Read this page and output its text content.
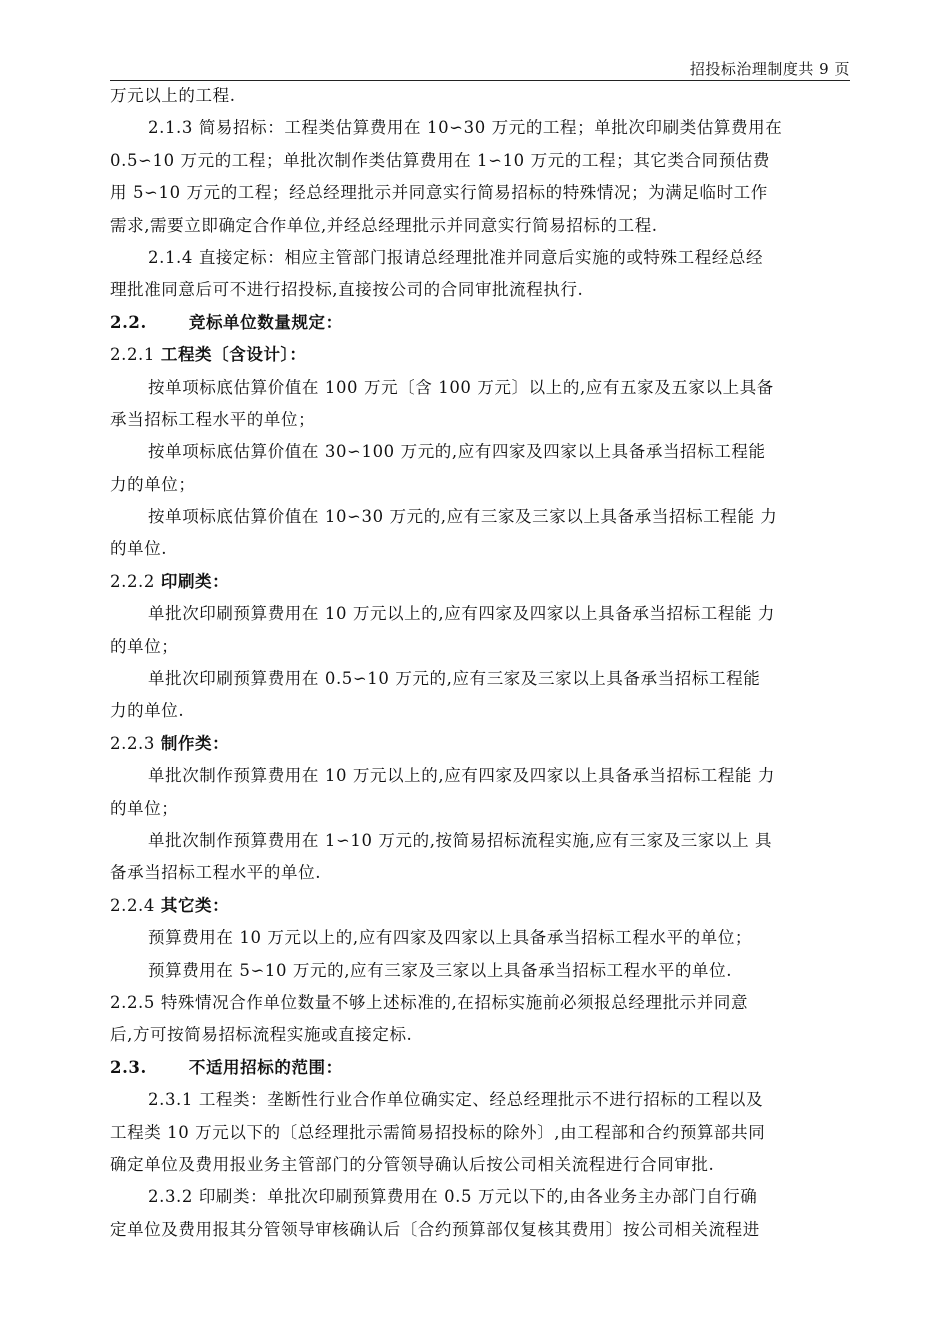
招投标治理制度共 9 页
万元以上的工程.
2.1.3 简易招标：工程类估算费用在 10∽30 万元的工程；单批次印刷类估算费用在
0.5∽10 万元的工程；单批次制作类估算费用在 1∽10 万元的工程；其它类合同预估费
用 5∽10 万元的工程；经总经理批示并同意实行简易招标的特殊情况；为满足临时工作
需求,需要立即确定合作单位,并经总经理批示并同意实行简易招标的工程.
2.1.4 直接定标：相应主管部门报请总经理批准并同意后实施的或特殊工程经总经
理批准同意后可不进行招投标,直接按公司的合同审批流程执行.
2.2.	竞标单位数量规定：
2.2.1 工程类〔含设计〕：
按单项标底估算价值在 100 万元〔含 100 万元〕以上的,应有五家及五家以上具备
承当招标工程水平的单位；
按单项标底估算价值在 30∽100 万元的,应有四家及四家以上具备承当招标工程能
力的单位；
按单项标底估算价值在 10∽30 万元的,应有三家及三家以上具备承当招标工程能 力
的单位.
2.2.2 印刷类：
单批次印刷预算费用在 10 万元以上的,应有四家及四家以上具备承当招标工程能 力
的单位；
单批次印刷预算费用在 0.5∽10 万元的,应有三家及三家以上具备承当招标工程能
力的单位.
2.2.3 制作类：
单批次制作预算费用在 10 万元以上的,应有四家及四家以上具备承当招标工程能 力
的单位；
单批次制作预算费用在 1∽10 万元的,按简易招标流程实施,应有三家及三家以上 具
备承当招标工程水平的单位.
2.2.4 其它类：
预算费用在 10 万元以上的,应有四家及四家以上具备承当招标工程水平的单位；
预算费用在 5∽10 万元的,应有三家及三家以上具备承当招标工程水平的单位.
2.2.5 特殊情况合作单位数量不够上述标准的,在招标实施前必须报总经理批示并同意
后,方可按简易招标流程实施或直接定标.
2.3.	不适用招标的范围：
2.3.1 工程类：垄断性行业合作单位确实定、经总经理批示不进行招标的工程以及
工程类 10 万元以下的〔总经理批示需简易招投标的除外〕,由工程部和合约预算部共同
确定单位及费用报业务主管部门的分管领导确认后按公司相关流程进行合同审批.
2.3.2 印刷类：单批次印刷预算费用在 0.5 万元以下的,由各业务主办部门自行确
定单位及费用报其分管领导审核确认后〔合约预算部仅复核其费用〕按公司相关流程进
